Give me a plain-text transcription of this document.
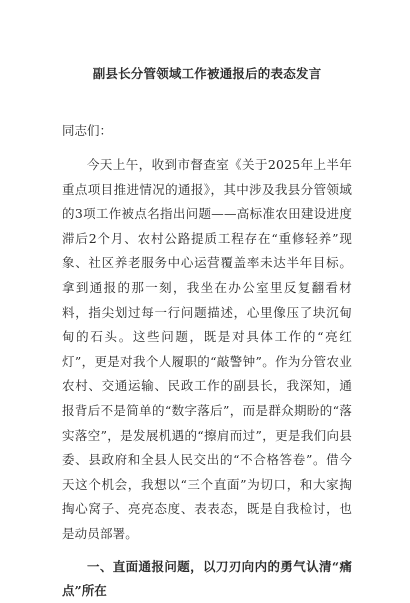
副县长分管领域工作被通报后的表态发言
同志们：

今天上午，收到市督查室《关于2025年上半年重点项目推进情况的通报》，其中涉及我县分管领域的3项工作被点名指出问题——高标准农田建设进度滞后2个月、农村公路提质工程存在“重修轻养”现象、社区养老服务中心运营覆盖率未达半年目标。拿到通报的那一刻，我坐在办公室里反复翻看材料，指尖划过每一行问题描述，心里像压了块沉甸甸的石头。这些问题，既是对具体工作的“亮红灯”，更是对我个人履职的“敲警钟”。作为分管农业农村、交通运输、民政工作的副县长，我深知，通报背后不是简单的“数字落后”，而是群众期盼的“落实落空”，是发展机遇的“擦肩而过”，更是我们向县委、县政府和全县人民交出的“不合格答卷”。借今天这个机会，我想以“三个直面”为切口，和大家掏掏心窝子、亮亮态度、表表态，既是自我检讨，也是动员部署。

一、直面通报问题，以刀刃向内的勇气认清“痛点”所在
